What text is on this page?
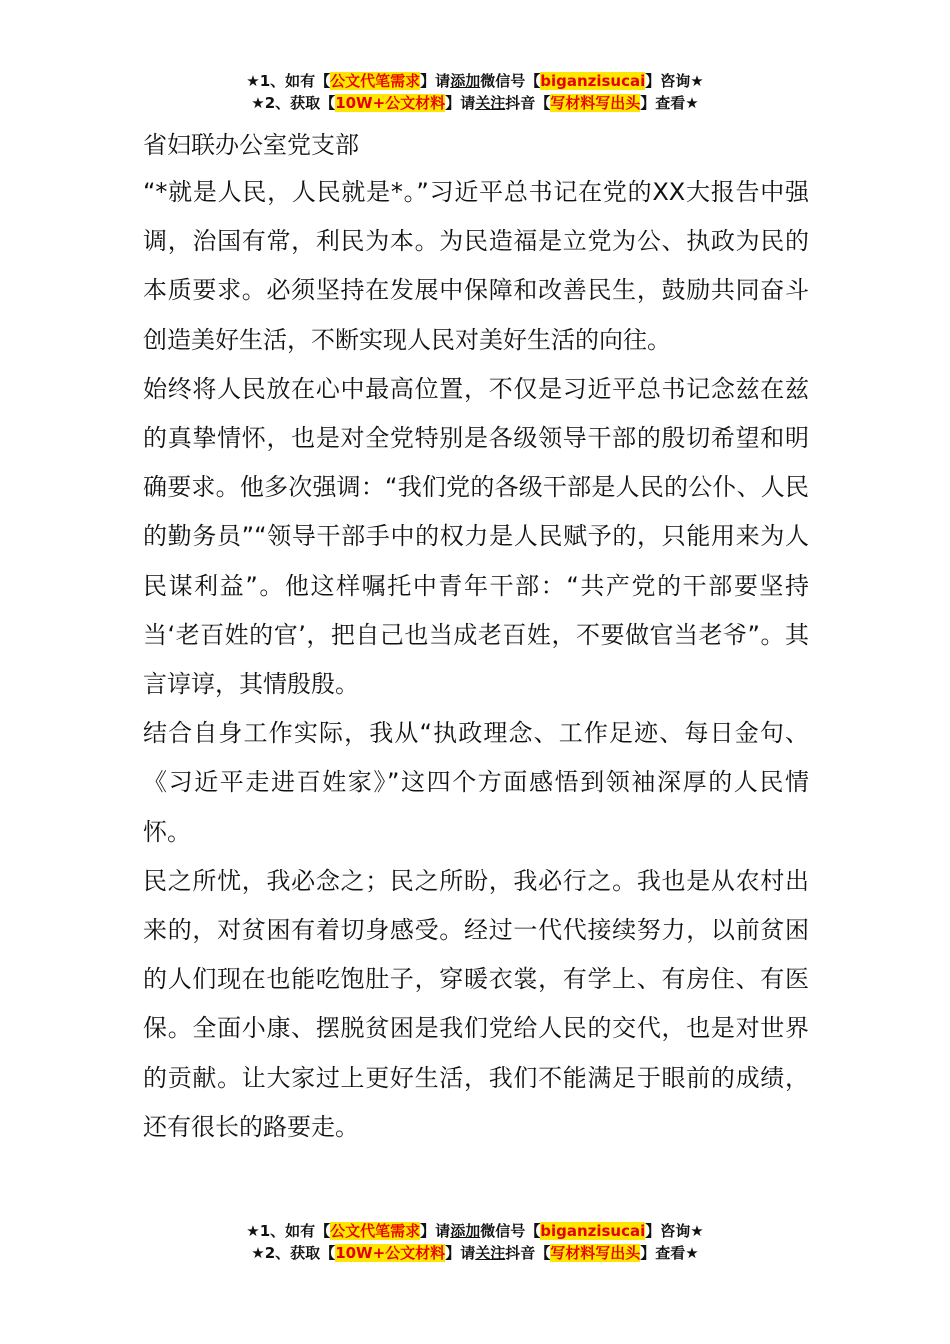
★1、如有【公文代笔需求】请添加微信号【biganzisucai】咨询★
★2、获取【10W+公文材料】请关注抖音【写材料写出头】查看★

省妇联办公室党支部

“*就是人民，人民就是*。”习近平总书记在党的XX大报告中强调，治国有常，利民为本。为民造福是立党为公、执政为民的本质要求。必须坚持在发展中保障和改善民生，鼓励共同奋斗创造美好生活，不断实现人民对美好生活的向往。

始终将人民放在心中最高位置，不仅是习近平总书记念兹在兹的真挚情怀，也是对全党特别是各级领导干部的殷切希望和明确要求。他多次强调：“我们党的各级干部是人民的公仆、人民的勤务员”“领导干部手中的权力是人民赋予的，只能用来为人民谋利益”。他这样嘱托中青年干部：“共产党的干部要坚持当‘老百姓的官’，把自己也当成老百姓，不要做官当老爷”。其言谆谆，其情殷殷。

结合自身工作实际，我从“执政理念、工作足迹、每日金句、《习近平走进百姓家》”这四个方面感悟到领袖深厚的人民情怀。

民之所忧，我必念之；民之所盼，我必行之。我也是从农村出来的，对贫困有着切身感受。经过一代代接续努力，以前贫困的人们现在也能吃饱肚子，穿暖衣裳，有学上、有房住、有医保。全面小康、摆脱贫困是我们党给人民的交代，也是对世界的贡献。让大家过上更好生活，我们不能满足于眼前的成绩，还有很长的路要走。

★1、如有【公文代笔需求】请添加微信号【biganzisucai】咨询★
★2、获取【10W+公文材料】请关注抖音【写材料写出头】查看★
